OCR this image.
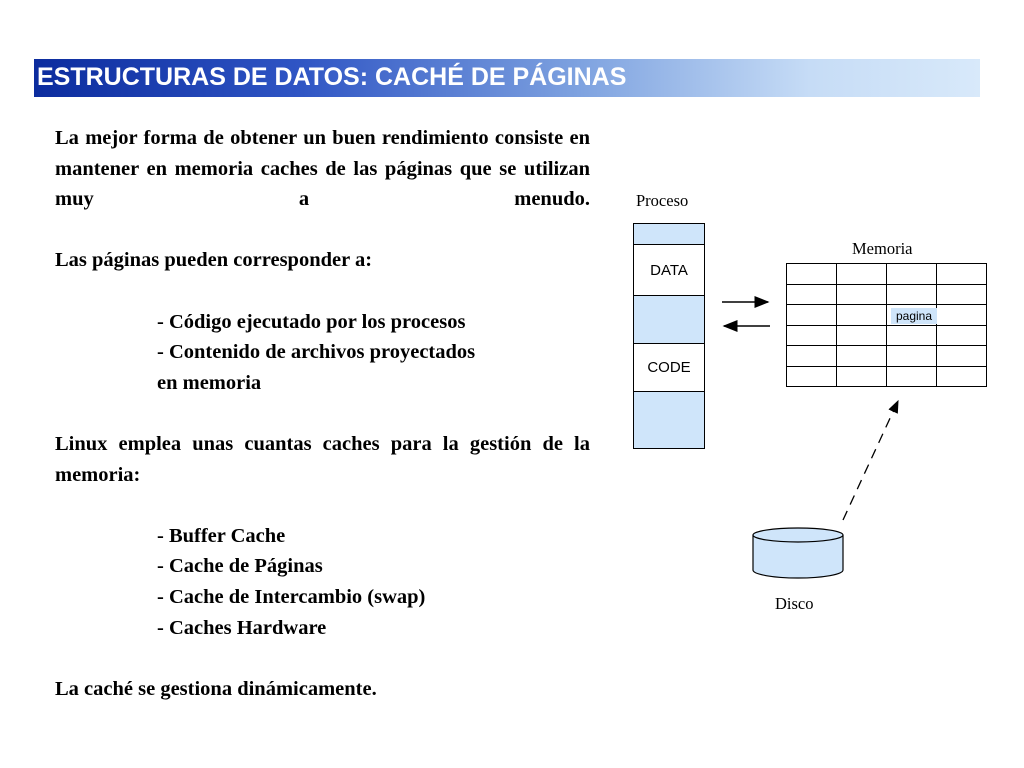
ESTRUCTURAS DE DATOS: CACHÉ DE PÁGINAS

La mejor forma de obtener un buen rendimiento consiste en mantener en memoria caches de las páginas que se utilizan muy a menudo.

Las páginas pueden corresponder a:

- Código ejecutado por los procesos

- Contenido de archivos proyectados

en memoria

Linux emplea unas cuantas caches para la gestión de la memoria:

- Buffer Cache

- Cache de Páginas

- Cache de Intercambio (swap)

- Caches Hardware

La caché se gestiona dinámicamente.

Proceso
DATA
CODE
Memoria

pagina
Disco
